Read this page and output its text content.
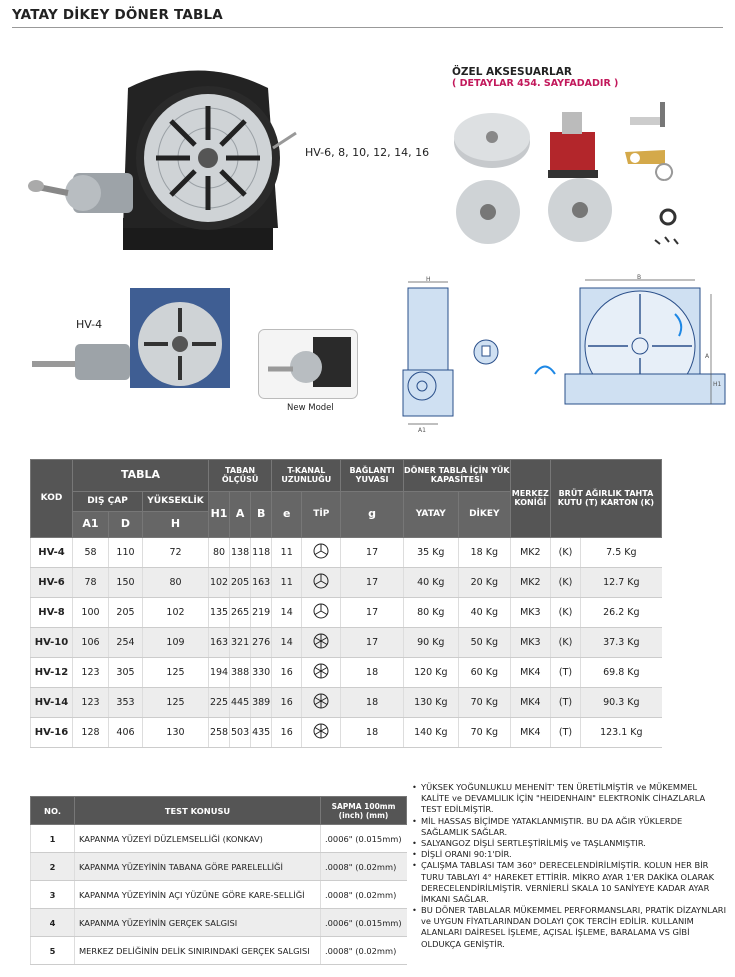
YATAY DİKEY DÖNER TABLA
HV-6, 8, 10, 12, 14, 16
ÖZEL AKSESUARLAR
( DETAYLAR 454. SAYFADADIR )
HV-4
New Model
H
A1
B
A
H1
KOD	TABLA			TABAN ÖLÇÜSÜ			T-KANAL UZUNLUĞU		BAĞLANTI YUVASI	DÖNER TABLA İÇİN YÜK KAPASİTESİ		MERKEZ KONİĞİ	BRÜT AĞIRLIK TAHTA KUTU (T) KARTON (K)	
	DIŞ ÇAP		YÜKSEKLİK	H1	A	B	e	TİP	g	YATAY	DİKEY			
	A1	D	H											
HV-4	58	110	72	80	138	118	11		17	35 Kg	18 Kg	MK2	(K)	7.5 Kg
HV-6	78	150	80	102	205	163	11		17	40 Kg	20 Kg	MK2	(K)	12.7 Kg
HV-8	100	205	102	135	265	219	14		17	80 Kg	40 Kg	MK3	(K)	26.2 Kg
HV-10	106	254	109	163	321	276	14		17	90 Kg	50 Kg	MK3	(K)	37.3 Kg
HV-12	123	305	125	194	388	330	16		18	120 Kg	60 Kg	MK4	(T)	69.8 Kg
HV-14	123	353	125	225	445	389	16		18	130 Kg	70 Kg	MK4	(T)	90.3 Kg
HV-16	128	406	130	258	503	435	16		18	140 Kg	70 Kg	MK4	(T)	123.1 Kg
NO.	TEST KONUSU	SAPMA 100mm (inch) (mm)
1	KAPANMA YÜZEYİ DÜZLEMSELLİĞİ (KONKAV)	.0006" (0.015mm)
2	KAPANMA YÜZEYİNİN TABANA GÖRE PARELELLİĞİ	.0008" (0.02mm)
3	KAPANMA YÜZEYİNİN AÇI YÜZÜNE GÖRE KARE-SELLİĞİ	.0008" (0.02mm)
4	KAPANMA YÜZEYİNİN GERÇEK SALGISI	.0006" (0.015mm)
5	MERKEZ DELİĞİNİN DELİK SINIRINDAKİ GERÇEK SALGISI	.0008" (0.02mm)
• YÜKSEK YOĞUNLUKLU MEHENİT' TEN ÜRETİLMİŞTİR ve MÜKEMMEL KALİTE ve DEVAMLILIK İÇİN "HEIDENHAIN" ELEKTRONİK CİHAZLARLA TEST EDİLMİŞTİR.
• MİL HASSAS BİÇİMDE YATAKLANMIŞTIR. BU DA AĞIR YÜKLERDE SAĞLAMLIK SAĞLAR.
• SALYANGOZ DİŞLİ SERTLEŞTİRİLMİŞ ve TAŞLANMIŞTIR.
• DİŞLİ ORANI 90:1'DİR.
• ÇALIŞMA TABLASI TAM 360° DERECELENDİRİLMİŞTİR. KOLUN HER BİR TURU TABLAYI 4° HAREKET ETTİRİR. MİKRO AYAR 1'ER DAKİKA OLARAK DERECELENDİRİLMİŞTİR. VERNİERLİ SKALA 10 SANİYEYE KADAR AYAR İMKANI SAĞLAR.
• BU DÖNER TABLALAR MÜKEMMEL PERFORMANSLARI, PRATİK DİZAYNLARI ve UYGUN FİYATLARINDAN DOLAYI ÇOK TERCİH EDİLİR. KULLANIM ALANLARI DAİRESEL İŞLEME, AÇISAL İŞLEME, BARALAMA VS GİBİ OLDUKÇA GENİŞTİR.
